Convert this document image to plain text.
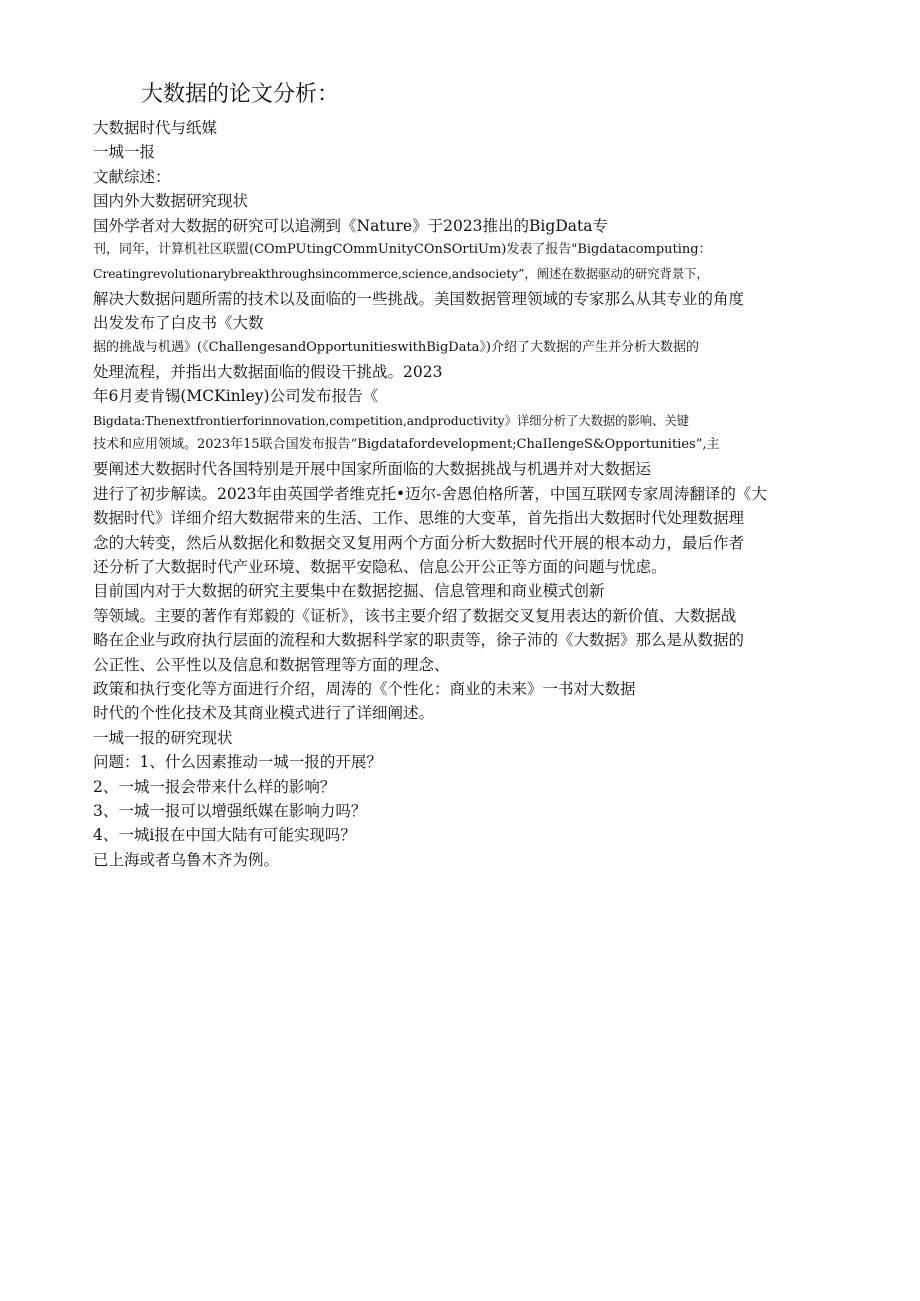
大数据的论文分析：
大数据时代与纸媒
一城一报
文献综述：
国内外大数据研究现状
国外学者对大数据的研究可以追溯到《Nature》于2023推出的BigData专
刊，同年，计算机社区联盟(COmPUtingCOmmUnityCOnSOrtiUm)发表了报告"Bigdatacomputing：
Creatingrevolutionarybreakthroughsincommerce,science,andsociety”，阐述在数据驱动的研究背景下，
解决大数据问题所需的技术以及面临的一些挑战。美国数据管理领域的专家那么从其专业的角度
出发发布了白皮书《大数
据的挑战与机遇》(《ChallengesandOpportunitieswithBigData》)介绍了大数据的产生并分析大数据的
处理流程，并指出大数据面临的假设干挑战。2023
年6月麦肯锡(MCKinley)公司发布报告《
Bigdata:Thenextfrontierforinnovation,competition,andproductivity》详细分析了大数据的影响、关键
技术和应用领域。2023年15联合国发布报告“Bigdatafordevelopment;ChaIlengeS&Opportunities”,主
要阐述大数据时代各国特别是开展中国家所面临的大数据挑战与机遇并对大数据运
进行了初步解读。2023年由英国学者维克托•迈尔-舍恩伯格所著，中国互联网专家周涛翻译的《大
数据时代》详细介绍大数据带来的生活、工作、思维的大变革，首先指出大数据时代处理数据理
念的大转变，然后从数据化和数据交叉复用两个方面分析大数据时代开展的根本动力，最后作者
还分析了大数据时代产业环境、数据平安隐私、信息公开公正等方面的问题与忧虑。
目前国内对于大数据的研究主要集中在数据挖掘、信息管理和商业模式创新
等领域。主要的著作有郑毅的《证析》，该书主要介绍了数据交叉复用表达的新价值、大数据战
略在企业与政府执行层面的流程和大数据科学家的职责等，徐子沛的《大数据》那么是从数据的
公正性、公平性以及信息和数据管理等方面的理念、
政策和执行变化等方面进行介绍，周涛的《个性化：商业的未来》一书对大数据
时代的个性化技术及其商业模式进行了详细阐述。
一城一报的研究现状
问题：1、什么因素推动一城一报的开展？
2、一城一报会带来什么样的影响？
3、一城一报可以增强纸媒在影响力吗？
4、一城i报在中国大陆有可能实现吗？
已上海或者乌鲁木齐为例。
